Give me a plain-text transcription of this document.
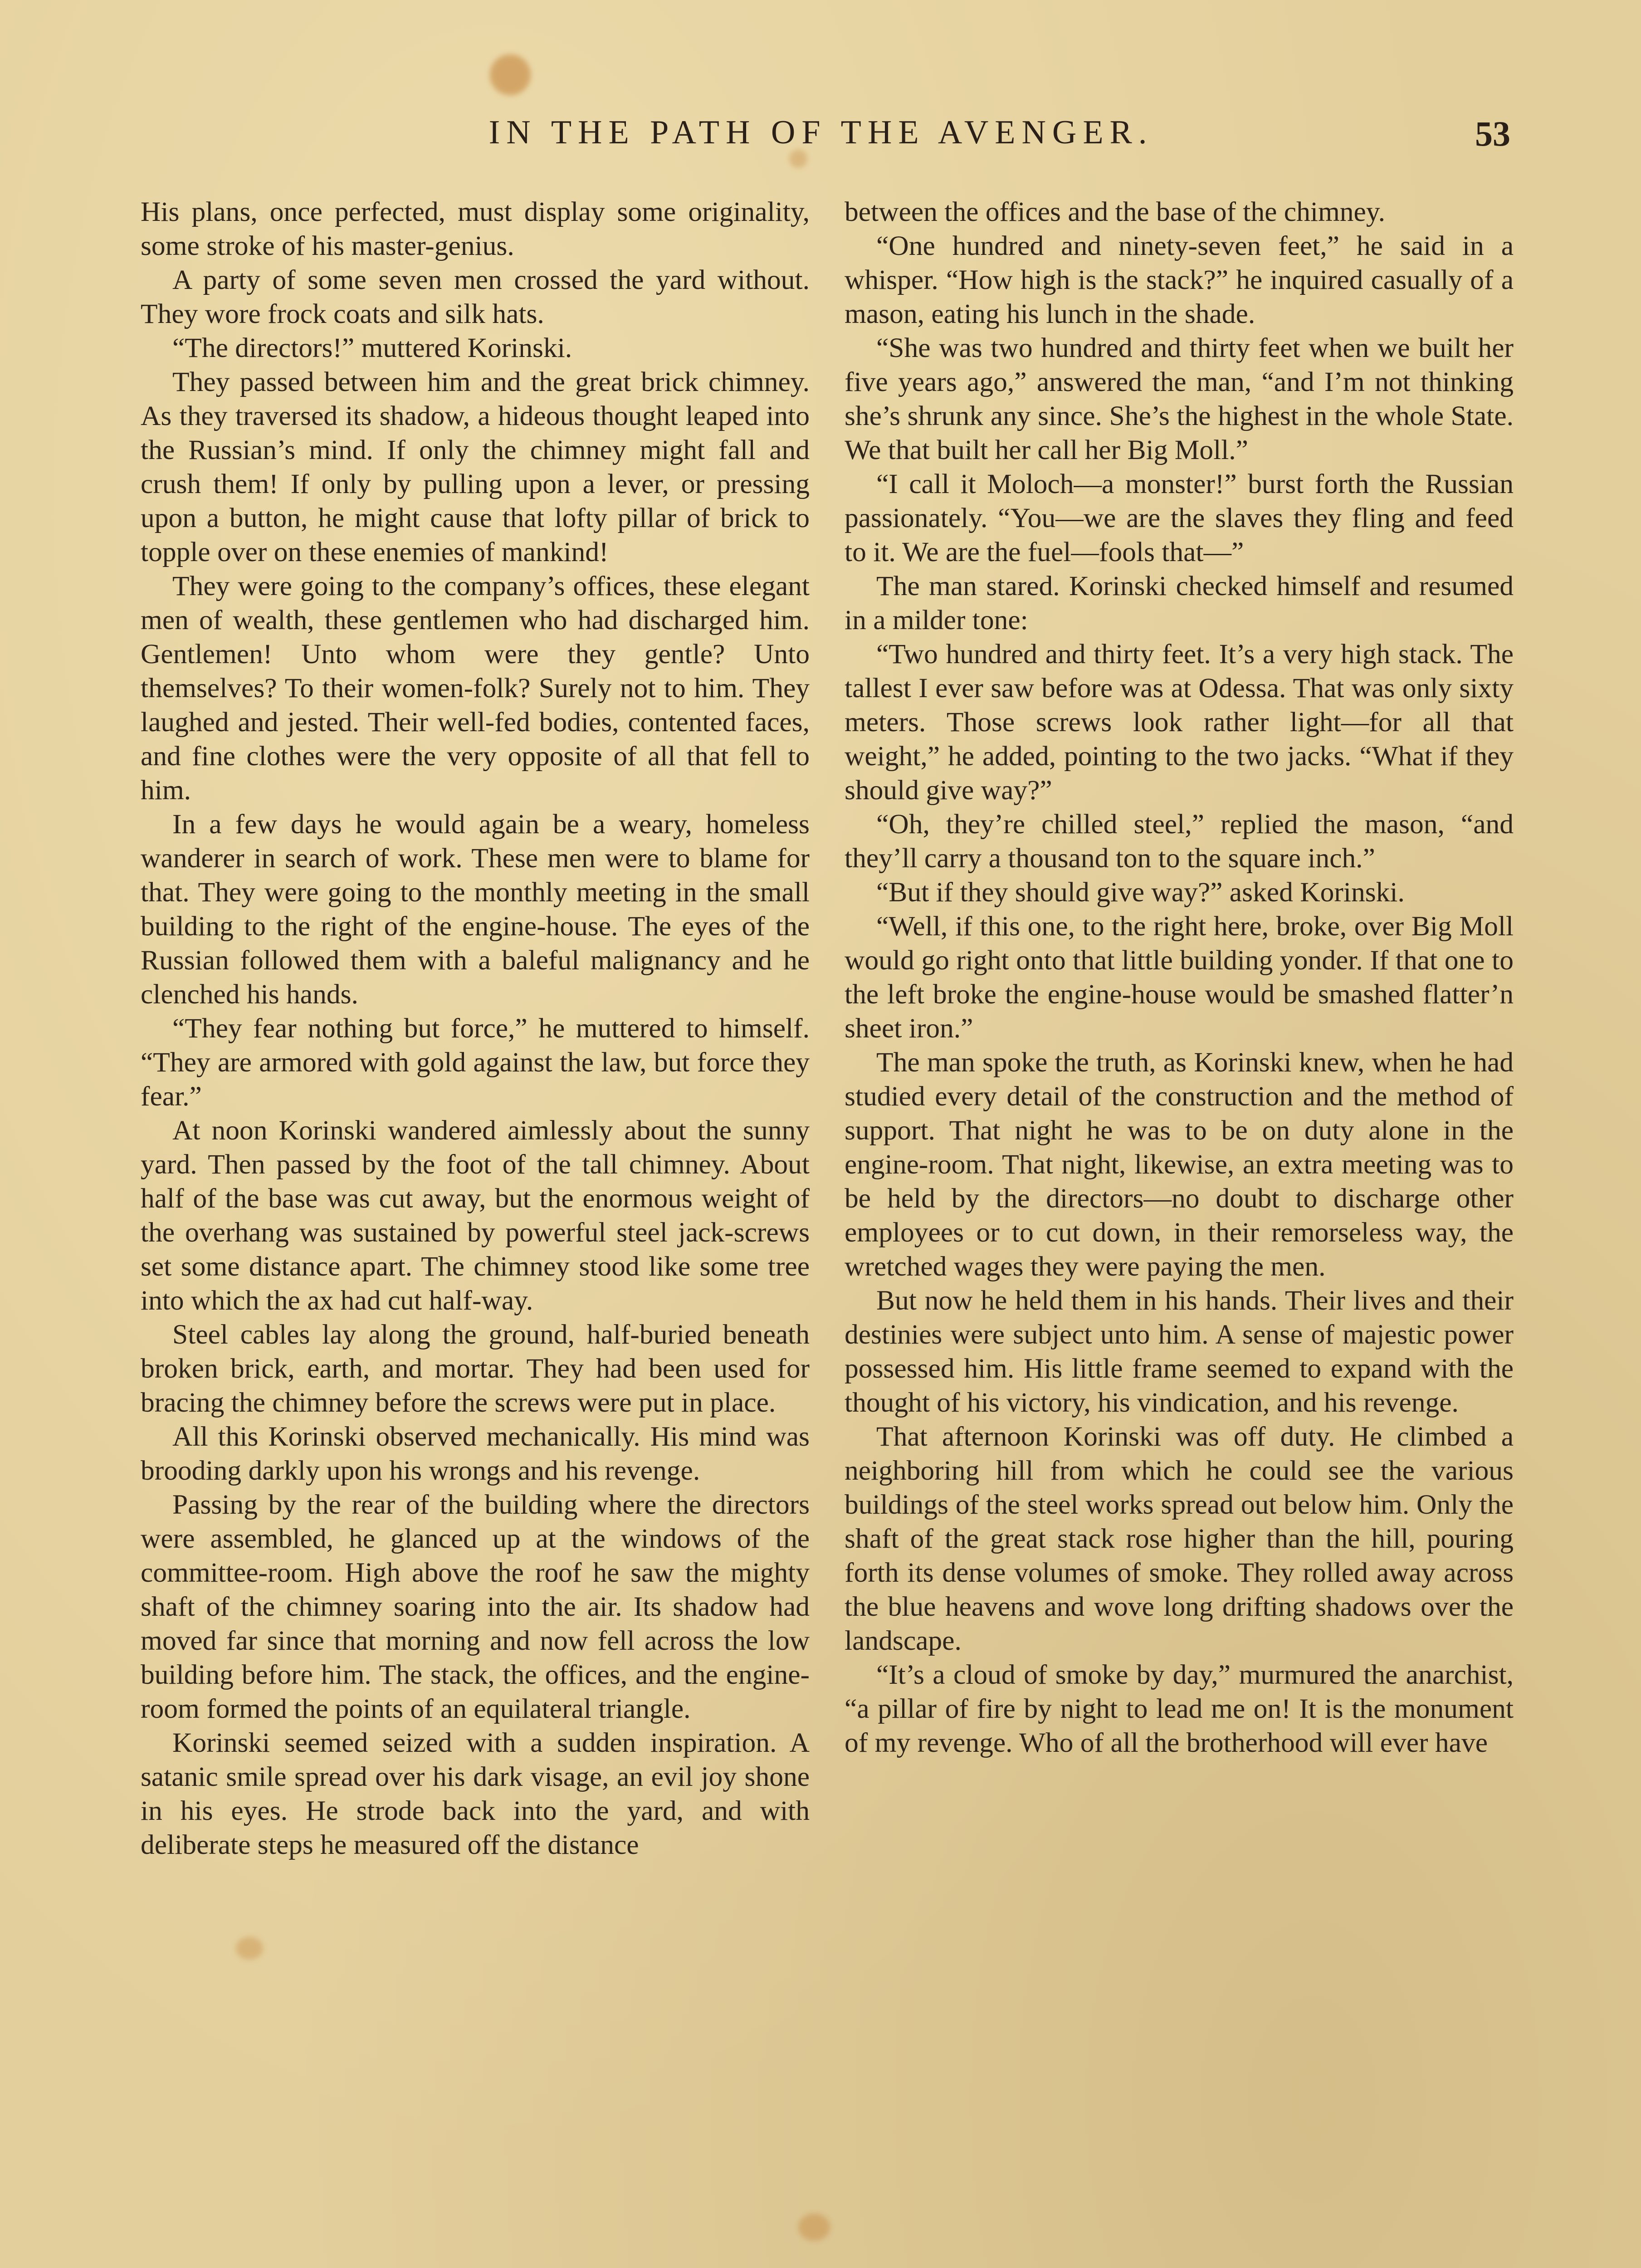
IN THE PATH OF THE AVENGER.	53

His plans, once perfected, must display some originality, some stroke of his master-genius.

A party of some seven men crossed the yard without. They wore frock coats and silk hats.

“The directors!” muttered Korinski.

They passed between him and the great brick chimney. As they traversed its shadow, a hideous thought leaped into the Russian’s mind. If only the chimney might fall and crush them! If only by pulling upon a lever, or pressing upon a button, he might cause that lofty pillar of brick to topple over on these enemies of mankind!

They were going to the company’s offices, these elegant men of wealth, these gentlemen who had discharged him. Gentlemen! Unto whom were they gentle? Unto themselves? To their women-folk? Surely not to him. They laughed and jested. Their well-fed bodies, contented faces, and fine clothes were the very opposite of all that fell to him.

In a few days he would again be a weary, homeless wanderer in search of work. These men were to blame for that. They were going to the monthly meeting in the small building to the right of the engine-house. The eyes of the Russian followed them with a baleful malignancy and he clenched his hands.

“They fear nothing but force,” he muttered to himself. “They are armored with gold against the law, but force they fear.”

At noon Korinski wandered aimlessly about the sunny yard. Then passed by the foot of the tall chimney. About half of the base was cut away, but the enormous weight of the overhang was sustained by powerful steel jack-screws set some distance apart. The chimney stood like some tree into which the ax had cut half-way.

Steel cables lay along the ground, half-buried beneath broken brick, earth, and mortar. They had been used for bracing the chimney before the screws were put in place.

All this Korinski observed mechanically. His mind was brooding darkly upon his wrongs and his revenge.

Passing by the rear of the building where the directors were assembled, he glanced up at the windows of the committee-room. High above the roof he saw the mighty shaft of the chimney soaring into the air. Its shadow had moved far since that morning and now fell across the low building before him. The stack, the offices, and the engine-room formed the points of an equilateral triangle.

Korinski seemed seized with a sudden inspiration. A satanic smile spread over his dark visage, an evil joy shone in his eyes. He strode back into the yard, and with deliberate steps he measured off the distance

between the offices and the base of the chimney.

“One hundred and ninety-seven feet,” he said in a whisper. “How high is the stack?” he inquired casually of a mason, eating his lunch in the shade.

“She was two hundred and thirty feet when we built her five years ago,” answered the man, “and I’m not thinking she’s shrunk any since. She’s the highest in the whole State. We that built her call her Big Moll.”

“I call it Moloch—a monster!” burst forth the Russian passionately. “You—we are the slaves they fling and feed to it. We are the fuel—fools that—”

The man stared. Korinski checked himself and resumed in a milder tone:

“Two hundred and thirty feet. It’s a very high stack. The tallest I ever saw before was at Odessa. That was only sixty meters. Those screws look rather light—for all that weight,” he added, pointing to the two jacks. “What if they should give way?”

“Oh, they’re chilled steel,” replied the mason, “and they’ll carry a thousand ton to the square inch.”

“But if they should give way?” asked Korinski.

“Well, if this one, to the right here, broke, over Big Moll would go right onto that little building yonder. If that one to the left broke the engine-house would be smashed flatter’n sheet iron.”

The man spoke the truth, as Korinski knew, when he had studied every detail of the construction and the method of support. That night he was to be on duty alone in the engine-room. That night, likewise, an extra meeting was to be held by the directors—no doubt to discharge other employees or to cut down, in their remorseless way, the wretched wages they were paying the men.

But now he held them in his hands. Their lives and their destinies were subject unto him. A sense of majestic power possessed him. His little frame seemed to expand with the thought of his victory, his vindication, and his revenge.

That afternoon Korinski was off duty. He climbed a neighboring hill from which he could see the various buildings of the steel works spread out below him. Only the shaft of the great stack rose higher than the hill, pouring forth its dense volumes of smoke. They rolled away across the blue heavens and wove long drifting shadows over the landscape.

“It’s a cloud of smoke by day,” murmured the anarchist, “a pillar of fire by night to lead me on! It is the monument of my revenge. Who of all the brotherhood will ever have
